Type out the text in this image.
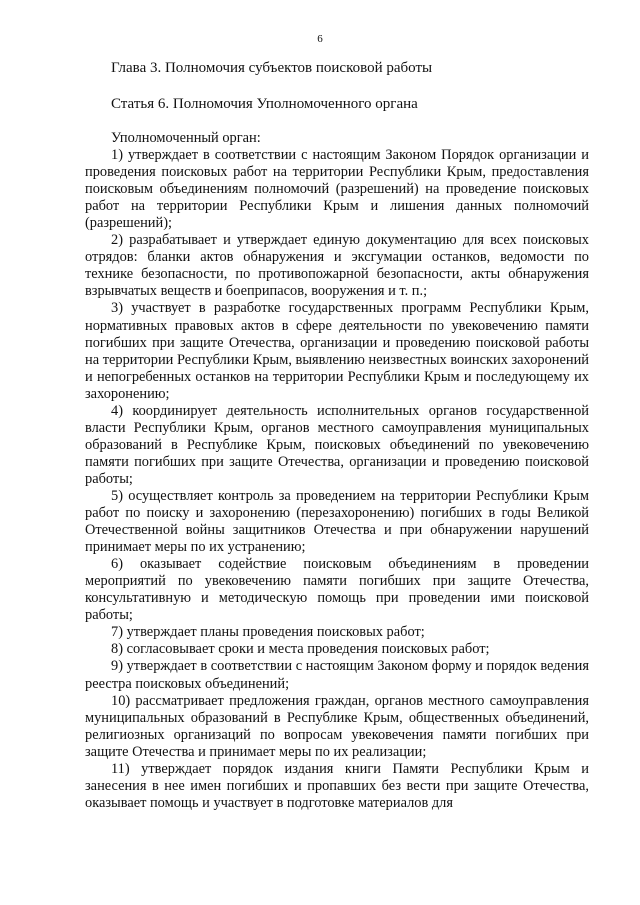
6
Глава 3. Полномочия субъектов поисковой работы
Статья 6. Полномочия Уполномоченного органа

Уполномоченный орган:

1) утверждает в соответствии с настоящим Законом Порядок организации и проведения поисковых работ на территории Республики Крым, предоставления поисковым объединениям полномочий (разрешений) на проведение поисковых работ на территории Республики Крым и лишения данных полномочий (разрешений);

2) разрабатывает и утверждает единую документацию для всех поисковых отрядов: бланки актов обнаружения и эксгумации останков, ведомости по технике безопасности, по противопожарной безопасности, акты обнаружения взрывчатых веществ и боеприпасов, вооружения и т. п.;

3) участвует в разработке государственных программ Республики Крым, нормативных правовых актов в сфере деятельности по увековечению памяти погибших при защите Отечества, организации и проведению поисковой работы на территории Республики Крым, выявлению неизвестных воинских захоронений и непогребенных останков на территории Республики Крым и последующему их захоронению;

4) координирует деятельность исполнительных органов государственной власти Республики Крым, органов местного самоуправления муниципальных образований в Республике Крым, поисковых объединений по увековечению памяти погибших при защите Отечества, организации и проведению поисковой работы;

5) осуществляет контроль за проведением на территории Республики Крым работ по поиску и захоронению (перезахоронению) погибших в годы Великой Отечественной войны защитников Отечества и при обнаружении нарушений принимает меры по их устранению;

6) оказывает содействие поисковым объединениям в проведении мероприятий по увековечению памяти погибших при защите Отечества, консультативную и методическую помощь при проведении ими поисковой работы;

7) утверждает планы проведения поисковых работ;

8) согласовывает сроки и места проведения поисковых работ;

9) утверждает в соответствии с настоящим Законом форму и порядок ведения реестра поисковых объединений;

10) рассматривает предложения граждан, органов местного самоуправления муниципальных образований в Республике Крым, общественных объединений, религиозных организаций по вопросам увековечения памяти погибших при защите Отечества и принимает меры по их реализации;

11) утверждает порядок издания книги Памяти Республики Крым и занесения в нее имен погибших и пропавших без вести при защите Отечества, оказывает помощь и участвует в подготовке материалов для
